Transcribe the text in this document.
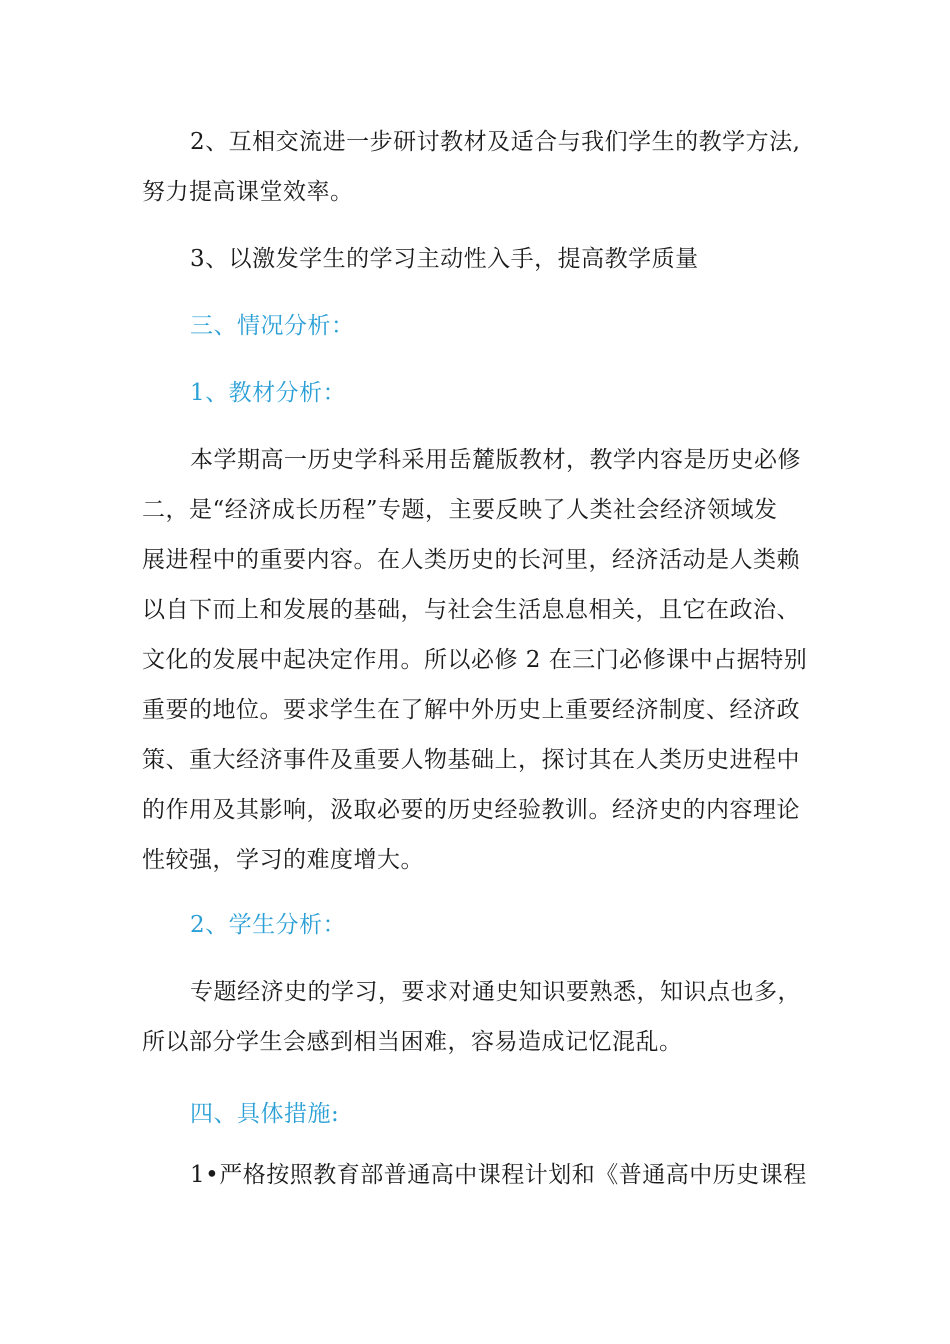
2、互相交流进一步研讨教材及适合与我们学生的教学方法,
努力提高课堂效率。
3、以激发学生的学习主动性入手，提高教学质量
三、情况分析：
1、教材分析：
本学期高一历史学科采用岳麓版教材，教学内容是历史必修
二，是“经济成长历程”专题，主要反映了人类社会经济领域发
展进程中的重要内容。在人类历史的长河里，经济活动是人类赖
以自下而上和发展的基础，与社会生活息息相关，且它在政治、
文化的发展中起决定作用。所以必修 2 在三门必修课中占据特别
重要的地位。要求学生在了解中外历史上重要经济制度、经济政
策、重大经济事件及重要人物基础上，探讨其在人类历史进程中
的作用及其影响，汲取必要的历史经验教训。经济史的内容理论
性较强，学习的难度增大。
2、学生分析：
专题经济史的学习，要求对通史知识要熟悉，知识点也多，
所以部分学生会感到相当困难，容易造成记忆混乱。
四、具体措施:
1•严格按照教育部普通高中课程计划和《普通高中历史课程
